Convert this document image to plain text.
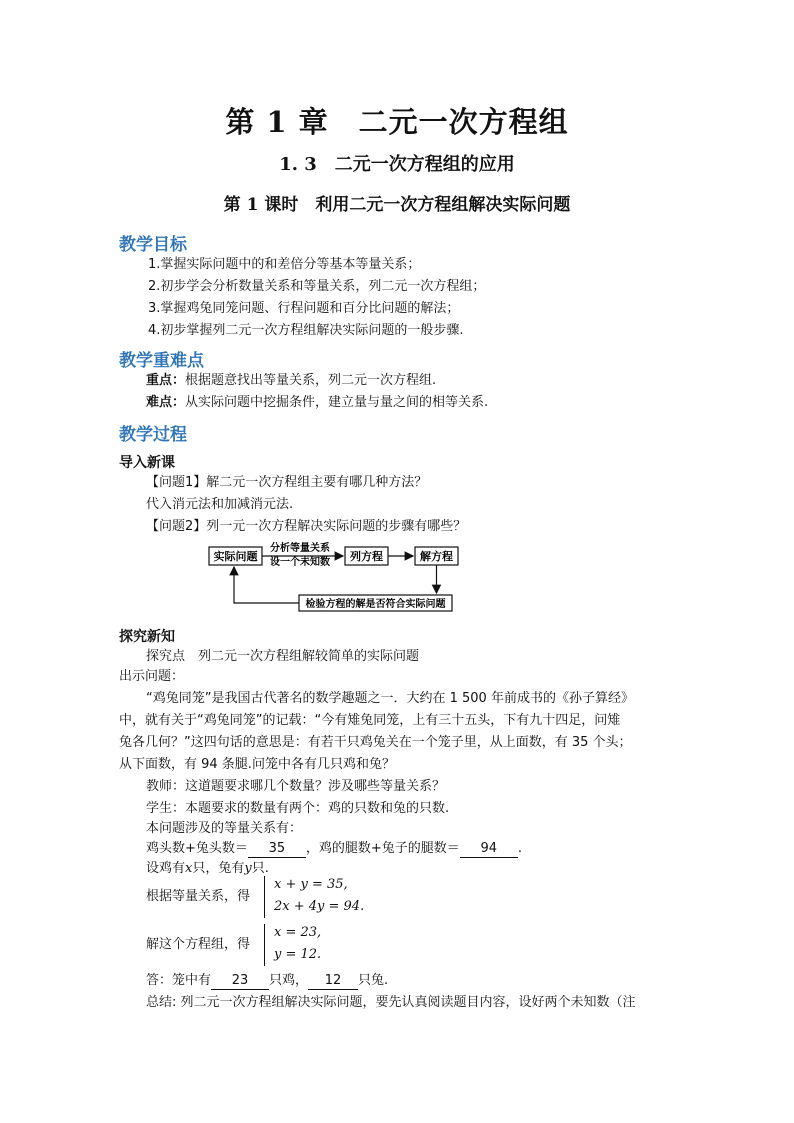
第 1 章　二元一次方程组
1. 3　二元一次方程组的应用
第 1 课时　利用二元一次方程组解决实际问题
教学目标
1.掌握实际问题中的和差倍分等基本等量关系；
2.初步学会分析数量关系和等量关系，列二元一次方程组；
3.掌握鸡兔同笼问题、行程问题和百分比问题的解法；
4.初步掌握列二元一次方程组解决实际问题的一般步骤.
教学重难点
重点：根据题意找出等量关系，列二元一次方程组.
难点：从实际问题中挖掘条件，建立量与量之间的相等关系.
教学过程
导入新课
【问题1】解二元一次方程组主要有哪几种方法？
代入消元法和加减消元法.
【问题2】列一元一次方程解决实际问题的步骤有哪些？
实际问题
分析等量关系
设一个未知数 列方程	解方程
检验方程的解是否符合实际问题
探究新知
探究点　列二元一次方程组解较简单的实际问题
出示问题：
“鸡兔同笼”是我国古代著名的数学趣题之一．大约在 1 500 年前成书的《孙子算经》
中，就有关于“鸡兔同笼”的记载：“今有雉兔同笼，上有三十五头，下有九十四足，问雉
兔各几何？”这四句话的意思是：有若干只鸡兔关在一个笼子里，从上面数，有 35 个头；
从下面数，有 94 条腿.问笼中各有几只鸡和兔？
教师：这道题要求哪几个数量？涉及哪些等量关系？
学生：本题要求的数量有两个：鸡的只数和兔的只数.
本问题涉及的等量关系有：
鸡头数+兔头数＝ 35 ，鸡的腿数+兔子的腿数＝ 94 .
设鸡有x只，兔有y只.
根据等量关系，得
x + y = 35,
2x + 4y = 94.
解这个方程组，得
x = 23,
y = 12.
答：笼中有 23 只鸡， 12 只兔.
总结: 列二元一次方程组解决实际问题，要先认真阅读题目内容，设好两个未知数（注
